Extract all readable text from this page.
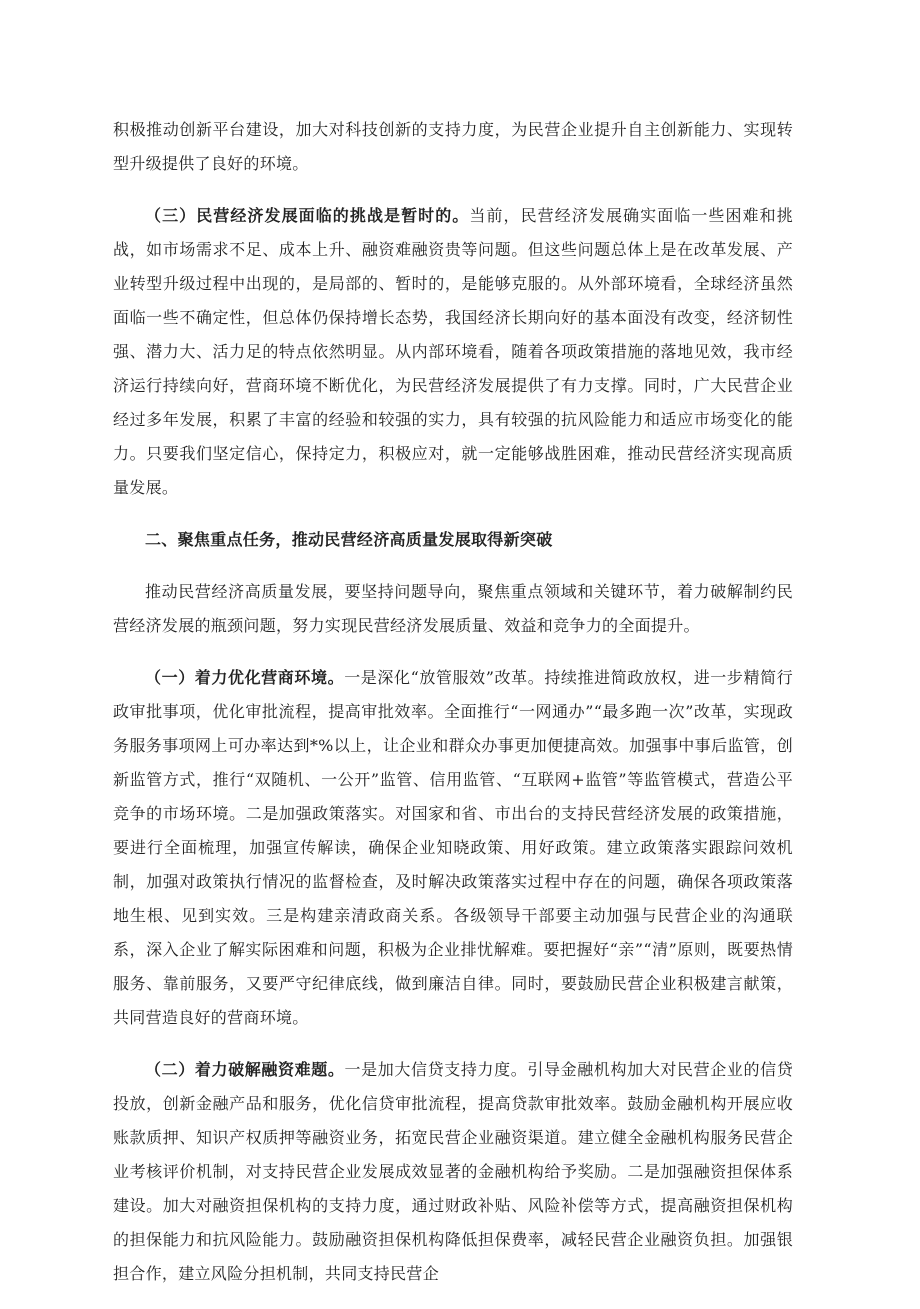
积极推动创新平台建设，加大对科技创新的支持力度，为民营企业提升自主创新能力、实现转型升级提供了良好的环境。

（三）民营经济发展面临的挑战是暂时的。当前，民营经济发展确实面临一些困难和挑战，如市场需求不足、成本上升、融资难融资贵等问题。但这些问题总体上是在改革发展、产业转型升级过程中出现的，是局部的、暂时的，是能够克服的。从外部环境看，全球经济虽然面临一些不确定性，但总体仍保持增长态势，我国经济长期向好的基本面没有改变，经济韧性强、潜力大、活力足的特点依然明显。从内部环境看，随着各项政策措施的落地见效，我市经济运行持续向好，营商环境不断优化，为民营经济发展提供了有力支撑。同时，广大民营企业经过多年发展，积累了丰富的经验和较强的实力，具有较强的抗风险能力和适应市场变化的能力。只要我们坚定信心，保持定力，积极应对，就一定能够战胜困难，推动民营经济实现高质量发展。

二、聚焦重点任务，推动民营经济高质量发展取得新突破

推动民营经济高质量发展，要坚持问题导向，聚焦重点领域和关键环节，着力破解制约民营经济发展的瓶颈问题，努力实现民营经济发展质量、效益和竞争力的全面提升。

（一）着力优化营商环境。一是深化“放管服效”改革。持续推进简政放权，进一步精简行政审批事项，优化审批流程，提高审批效率。全面推行“一网通办”“最多跑一次”改革，实现政务服务事项网上可办率达到*%以上，让企业和群众办事更加便捷高效。加强事中事后监管，创新监管方式，推行“双随机、一公开”监管、信用监管、“互联网+监管”等监管模式，营造公平竞争的市场环境。二是加强政策落实。对国家和省、市出台的支持民营经济发展的政策措施，要进行全面梳理，加强宣传解读，确保企业知晓政策、用好政策。建立政策落实跟踪问效机制，加强对政策执行情况的监督检查，及时解决政策落实过程中存在的问题，确保各项政策落地生根、见到实效。三是构建亲清政商关系。各级领导干部要主动加强与民营企业的沟通联系，深入企业了解实际困难和问题，积极为企业排忧解难。要把握好“亲”“清”原则，既要热情服务、靠前服务，又要严守纪律底线，做到廉洁自律。同时，要鼓励民营企业积极建言献策，共同营造良好的营商环境。

（二）着力破解融资难题。一是加大信贷支持力度。引导金融机构加大对民营企业的信贷投放，创新金融产品和服务，优化信贷审批流程，提高贷款审批效率。鼓励金融机构开展应收账款质押、知识产权质押等融资业务，拓宽民营企业融资渠道。建立健全金融机构服务民营企业考核评价机制，对支持民营企业发展成效显著的金融机构给予奖励。二是加强融资担保体系建设。加大对融资担保机构的支持力度，通过财政补贴、风险补偿等方式，提高融资担保机构的担保能力和抗风险能力。鼓励融资担保机构降低担保费率，减轻民营企业融资负担。加强银担合作，建立风险分担机制，共同支持民营企
